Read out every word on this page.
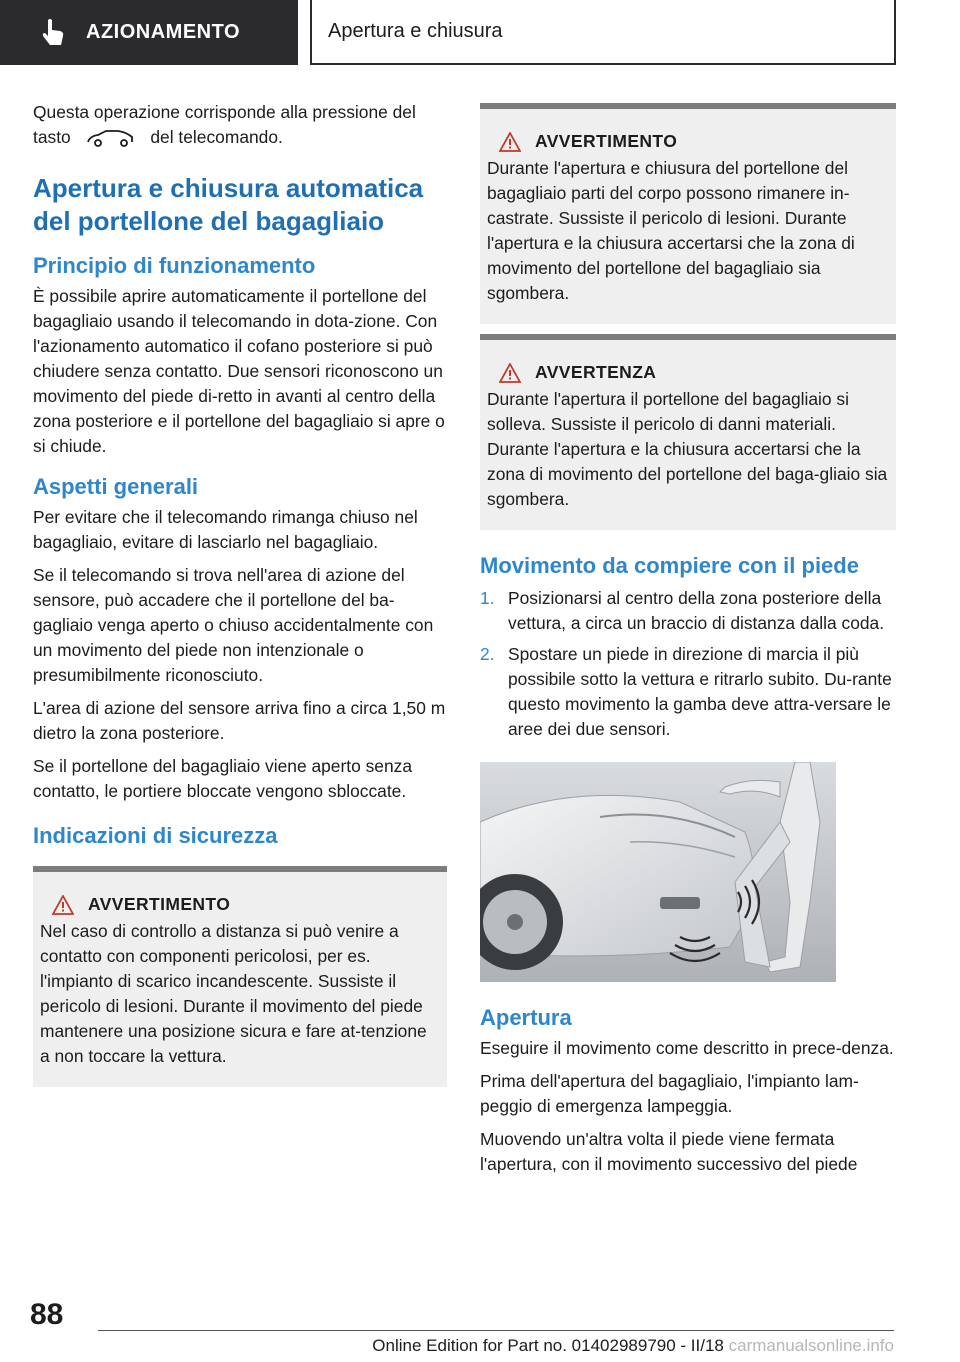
AZIONAMENTO	Apertura e chiusura

Questa operazione corrisponde alla pressione del tasto	del telecomando.

Apertura e chiusura automatica del portellone del bagagliaio
Principio di funzionamento

È possibile aprire automaticamente il portellone del bagagliaio usando il telecomando in dota‐zione. Con l'azionamento automatico il cofano posteriore si può chiudere senza contatto. Due sensori riconoscono un movimento del piede di‐retto in avanti al centro della zona posteriore e il portellone del bagagliaio si apre o si chiude.

Aspetti generali

Per evitare che il telecomando rimanga chiuso nel bagagliaio, evitare di lasciarlo nel bagagliaio.

Se il telecomando si trova nell'area di azione del sensore, può accadere che il portellone del ba‐gagliaio venga aperto o chiuso accidentalmente con un movimento del piede non intenzionale o presumibilmente riconosciuto.

L'area di azione del sensore arriva fino a circa 1,50 m dietro la zona posteriore.

Se il portellone del bagagliaio viene aperto senza contatto, le portiere bloccate vengono sbloccate.

Indicazioni di sicurezza
AVVERTIMENTO

Nel caso di controllo a distanza si può venire a contatto con componenti pericolosi, per es. l'impianto di scarico incandescente. Sussiste il pericolo di lesioni. Durante il movimento del piede mantenere una posizione sicura e fare at‐tenzione a non toccare la vettura.

AVVERTIMENTO

Durante l'apertura e chiusura del portellone del bagagliaio parti del corpo possono rimanere in‐castrate. Sussiste il pericolo di lesioni. Durante l'apertura e la chiusura accertarsi che la zona di movimento del portellone del bagagliaio sia sgombera.

AVVERTENZA

Durante l'apertura il portellone del bagagliaio si solleva. Sussiste il pericolo di danni materiali. Durante l'apertura e la chiusura accertarsi che la zona di movimento del portellone del baga‐gliaio sia sgombera.

Movimento da compiere con il piede
1. Posizionarsi al centro della zona posteriore della vettura, a circa un braccio di distanza dalla coda.
2. Spostare un piede in direzione di marcia il più possibile sotto la vettura e ritrarlo subito. Du‐rante questo movimento la gamba deve attra‐versare le aree dei due sensori.
Apertura

Eseguire il movimento come descritto in prece‐denza.

Prima dell'apertura del bagagliaio, l'impianto lam‐peggio di emergenza lampeggia.

Muovendo un'altra volta il piede viene fermata l'apertura, con il movimento successivo del piede

88
Online Edition for Part no. 01402989790 - II/18 carmanualsonline.info
